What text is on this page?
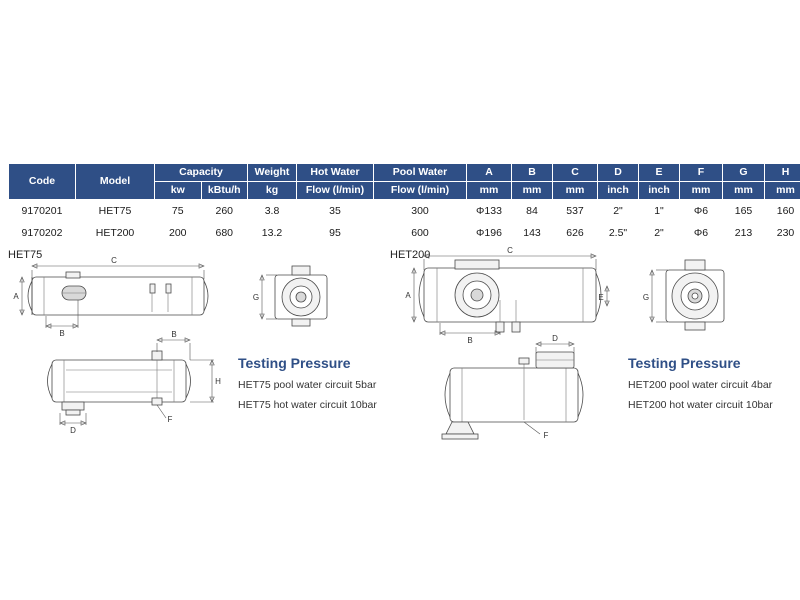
Code	Model	Capacity		Weight	Hot Water	Pool Water	A	B	C	D	E	F	G	H
		kw	kBtu/h	kg	Flow (l/min)	Flow (l/min)	mm	mm	mm	inch	inch	mm	mm	mm
9170201	HET75	75	260	3.8	35	300	Φ133	84	537	2"	1"	Φ6	165	160
9170202	HET200	200	680	13.2	95	600	Φ196	143	626	2.5"	2"	Φ6	213	230
HET75	HET200
Testing Pressure
HET75 pool water circuit 5bar
HET75 hot water circuit 10bar
Testing Pressure
HET200 pool water circuit 4bar
HET200 hot water circuit 10bar
C
A
B
G
B
H
D
F
C
A	E
B
G
D
F
